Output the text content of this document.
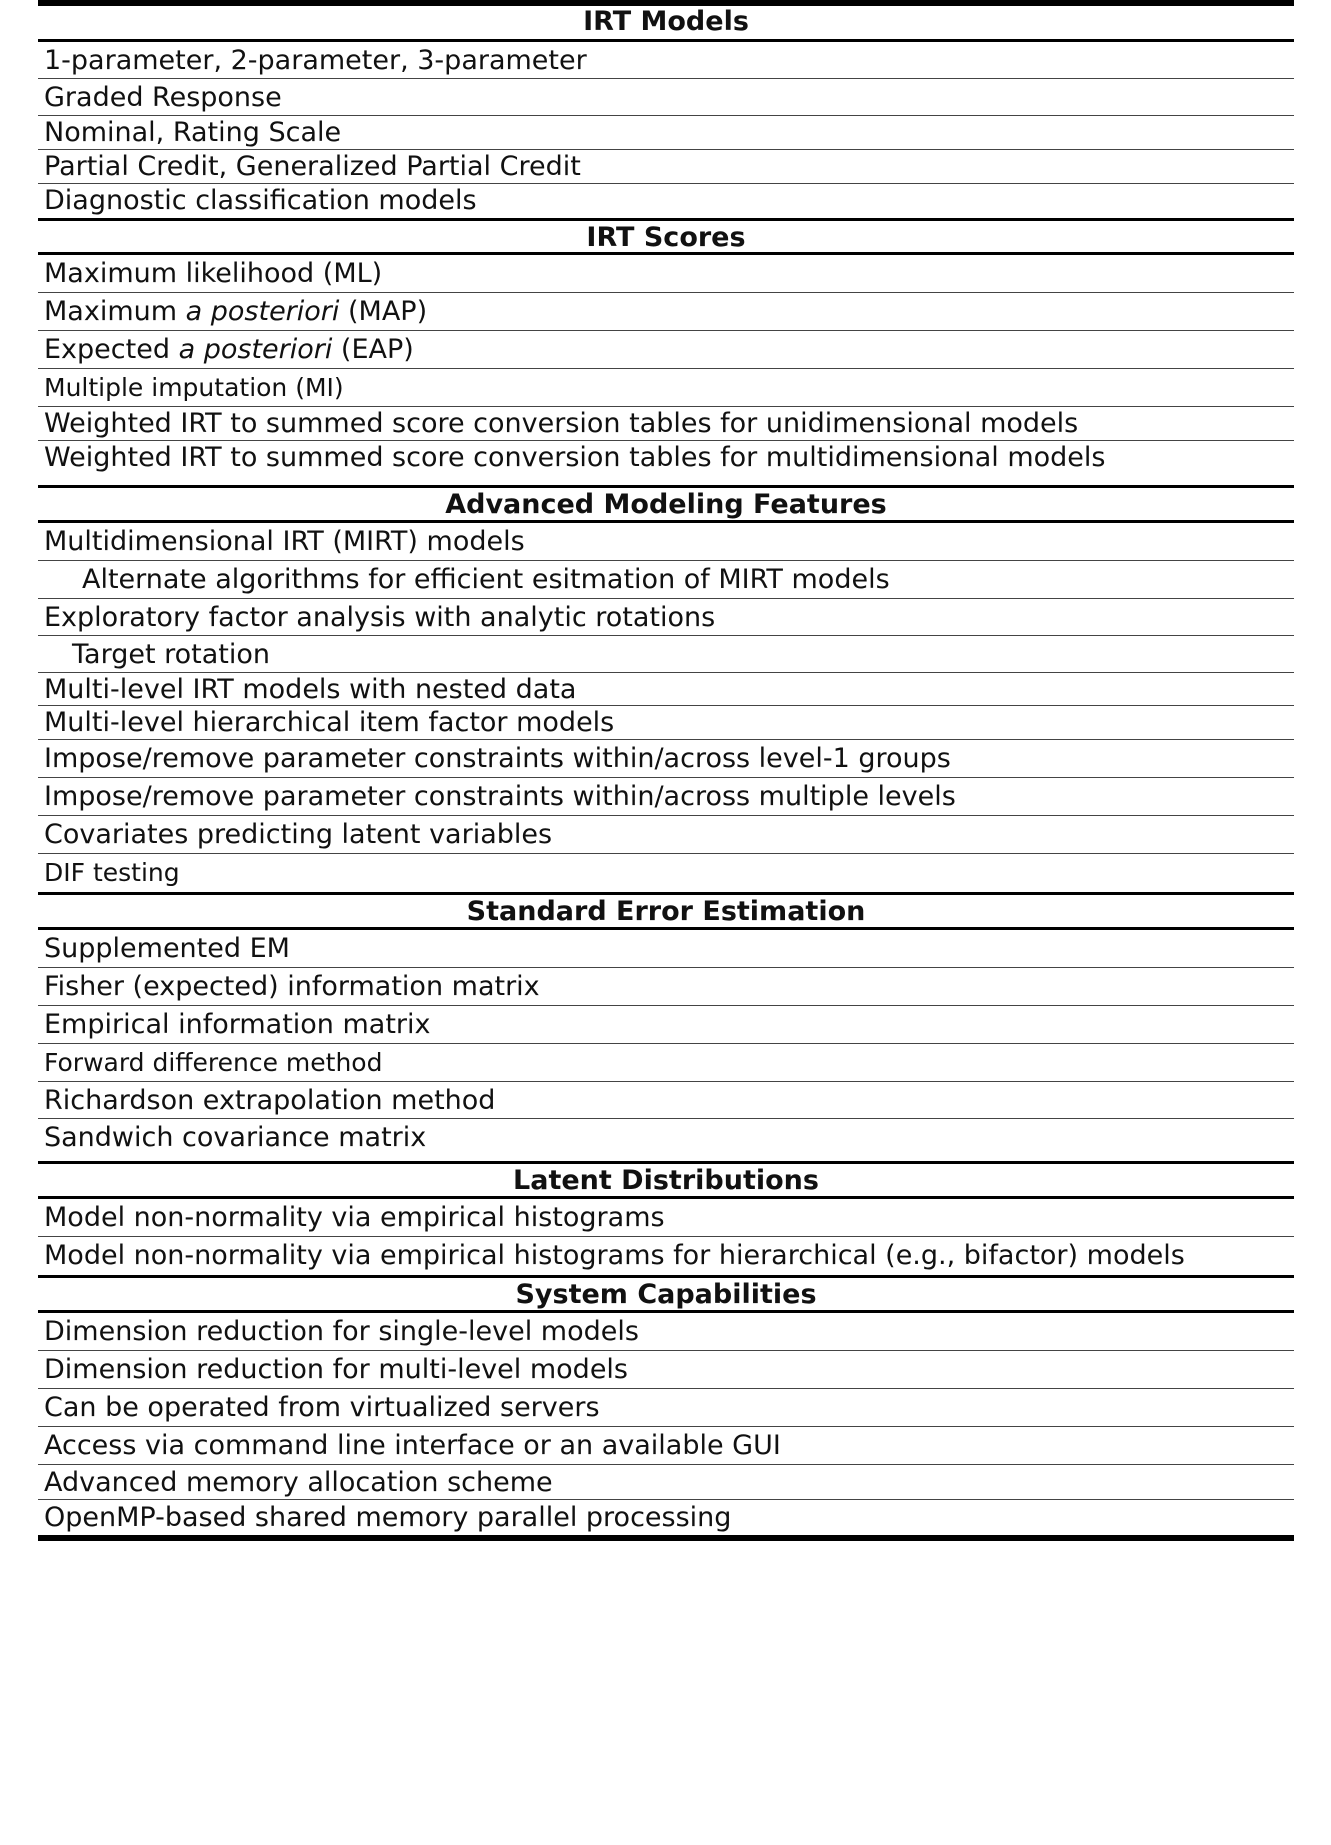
IRT Models
1-parameter, 2-parameter, 3-parameter
Graded Response
Nominal, Rating Scale
Partial Credit, Generalized Partial Credit
Diagnostic classification models
IRT Scores
Maximum likelihood (ML)
Maximum a posteriori (MAP)
Expected a posteriori (EAP)
Multiple imputation (MI)
Weighted IRT to summed score conversion tables for unidimensional models
Weighted IRT to summed score conversion tables for multidimensional models
Advanced Modeling Features
Multidimensional IRT (MIRT) models
Alternate algorithms for efficient esitmation of MIRT models
Exploratory factor analysis with analytic rotations
Target rotation
Multi-level IRT models with nested data
Multi-level hierarchical item factor models
Impose/remove parameter constraints within/across level-1 groups
Impose/remove parameter constraints within/across multiple levels
Covariates predicting latent variables
DIF testing
Standard Error Estimation
Supplemented EM
Fisher (expected) information matrix
Empirical information matrix
Forward difference method
Richardson extrapolation method
Sandwich covariance matrix
Latent Distributions
Model non-normality via empirical histograms
Model non-normality via empirical histograms for hierarchical (e.g., bifactor) models
System Capabilities
Dimension reduction for single-level models
Dimension reduction for multi-level models
Can be operated from virtualized servers
Access via command line interface or an available GUI
Advanced memory allocation scheme
OpenMP-based shared memory parallel processing
